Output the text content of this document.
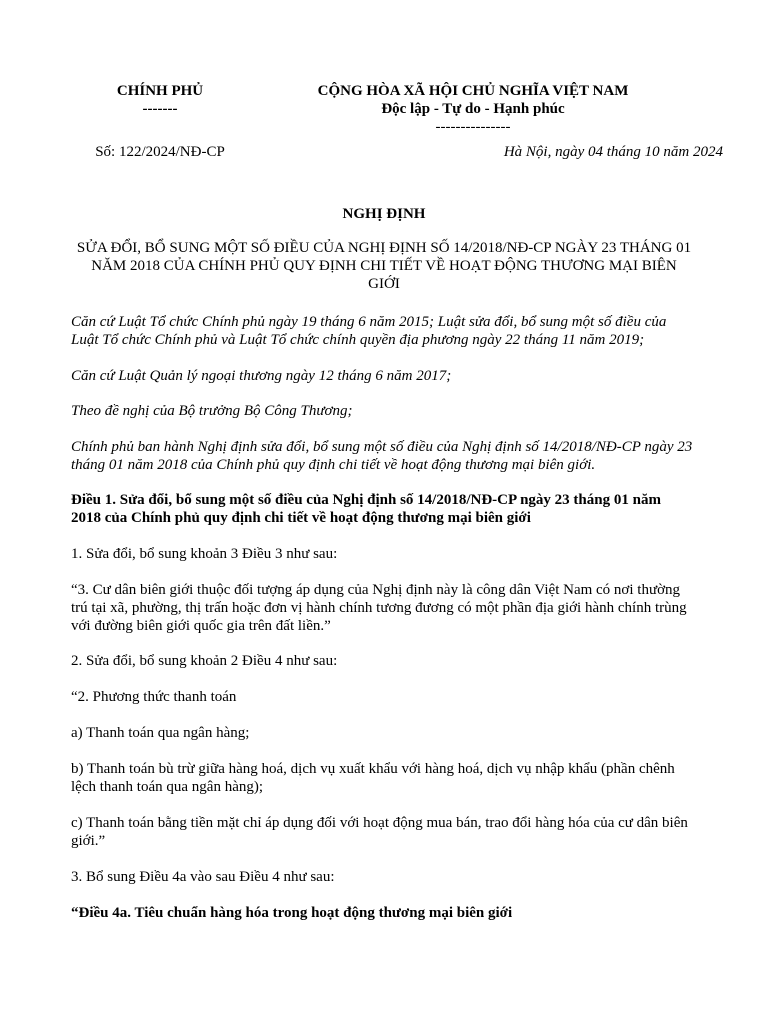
CHÍNH PHỦ
-------
CỘNG HÒA XÃ HỘI CHỦ NGHĨA VIỆT NAM
Độc lập - Tự do - Hạnh phúc
---------------
Số: 122/2024/NĐ-CP	Hà Nội, ngày 04 tháng 10 năm 2024
NGHỊ ĐỊNH
SỬA ĐỔI, BỔ SUNG MỘT SỐ ĐIỀU CỦA NGHỊ ĐỊNH SỐ 14/2018/NĐ-CP NGÀY 23 THÁNG 01
NĂM 2018 CỦA CHÍNH PHỦ QUY ĐỊNH CHI TIẾT VỀ HOẠT ĐỘNG THƯƠNG MẠI BIÊN
GIỚI
Căn cứ Luật Tổ chức Chính phủ ngày 19 tháng 6 năm 2015; Luật sửa đổi, bổ sung một số điều của
Luật Tổ chức Chính phủ và Luật Tổ chức chính quyền địa phương ngày 22 tháng 11 năm 2019;
Căn cứ Luật Quản lý ngoại thương ngày 12 tháng 6 năm 2017;
Theo đề nghị của Bộ trưởng Bộ Công Thương;
Chính phủ ban hành Nghị định sửa đổi, bổ sung một số điều của Nghị định số 14/2018/NĐ-CP ngày 23
tháng 01 năm 2018 của Chính phủ quy định chi tiết về hoạt động thương mại biên giới.
Điều 1. Sửa đổi, bổ sung một số điều của Nghị định số 14/2018/NĐ-CP ngày 23 tháng 01 năm
2018 của Chính phủ quy định chi tiết về hoạt động thương mại biên giới
1. Sửa đổi, bổ sung khoản 3 Điều 3 như sau:
“3. Cư dân biên giới thuộc đối tượng áp dụng của Nghị định này là công dân Việt Nam có nơi thường
trú tại xã, phường, thị trấn hoặc đơn vị hành chính tương đương có một phần địa giới hành chính trùng
với đường biên giới quốc gia trên đất liền.”
2. Sửa đổi, bổ sung khoản 2 Điều 4 như sau:
“2. Phương thức thanh toán
a) Thanh toán qua ngân hàng;
b) Thanh toán bù trừ giữa hàng hoá, dịch vụ xuất khẩu với hàng hoá, dịch vụ nhập khẩu (phần chênh
lệch thanh toán qua ngân hàng);
c) Thanh toán bằng tiền mặt chỉ áp dụng đối với hoạt động mua bán, trao đổi hàng hóa của cư dân biên
giới.”
3. Bổ sung Điều 4a vào sau Điều 4 như sau:
“Điều 4a. Tiêu chuẩn hàng hóa trong hoạt động thương mại biên giới
